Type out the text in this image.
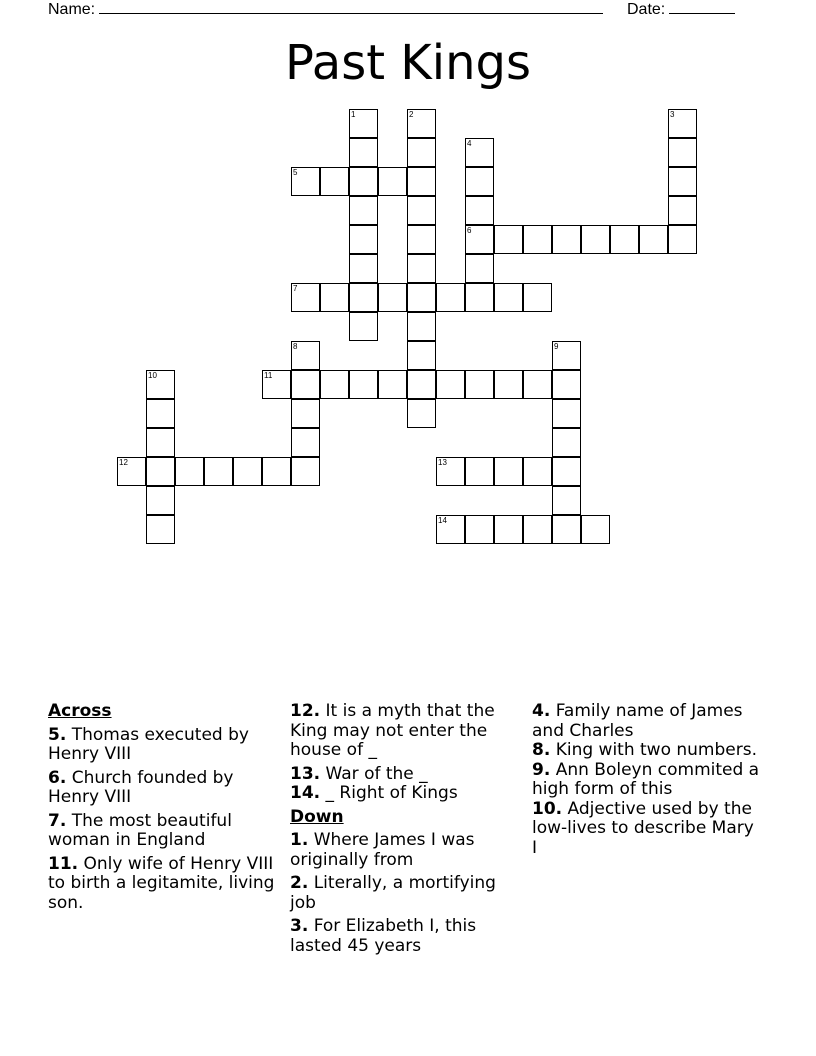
Name:	Date:
Past Kings
1	2	3
4
6
5
7
8	9
10	11
12	13
14
Across
5. Thomas executed by Henry VIII
6. Church founded by Henry VIII
7. The most beautiful woman in England
11. Only wife of Henry VIII to birth a legitamite, living son.
12. It is a myth that the King may not enter the house of _
13. War of the _
14. _ Right of Kings
Down
1. Where James I was originally from
2. Literally, a mortifying job
3. For Elizabeth I, this lasted 45 years
4. Family name of James and Charles
8. King with two numbers.
9. Ann Boleyn commited a high form of this
10. Adjective used by the low-lives to describe Mary I
